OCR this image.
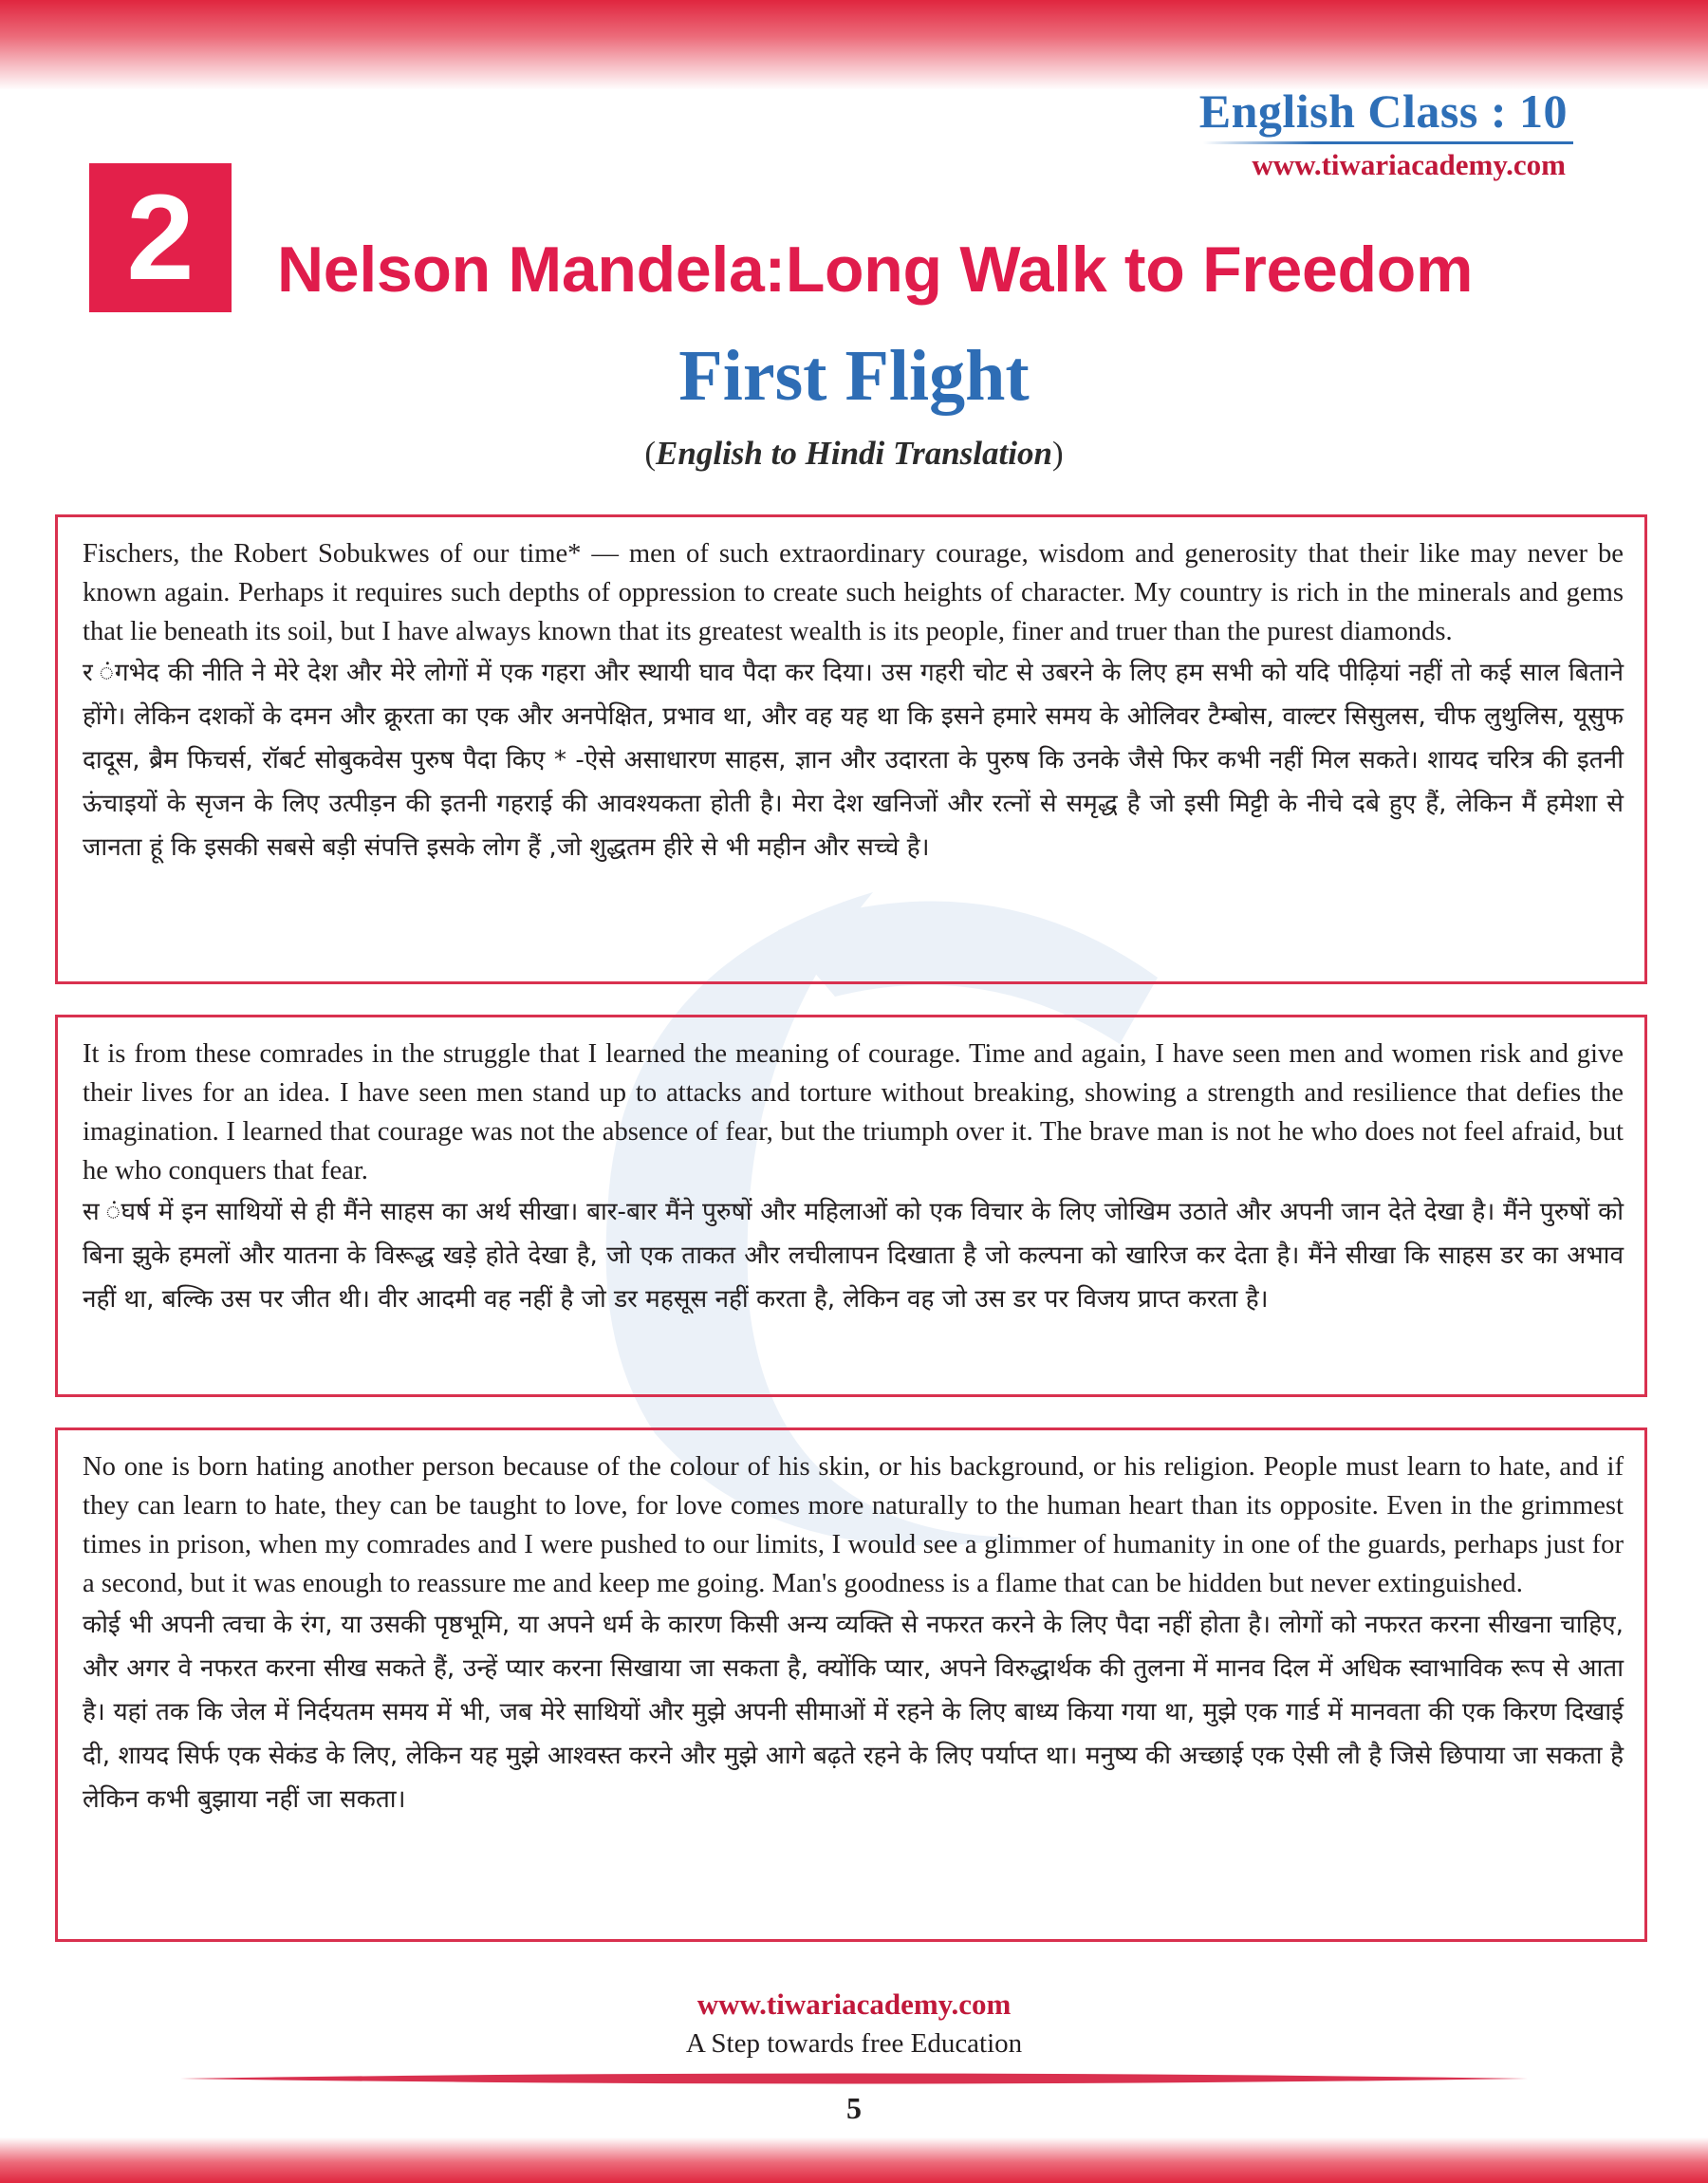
English Class : 10
www.tiwariacademy.com
2 Nelson Mandela:Long Walk to Freedom
First Flight
(English to Hindi Translation)

Fischers, the Robert Sobukwes of our time* — men of such extraordinary courage, wisdom and generosity that their like may never be known again. Perhaps it requires such depths of oppression to create such heights of character. My country is rich in the minerals and gems that lie beneath its soil, but I have always known that its greatest wealth is its people, finer and truer than the purest diamonds.

र ंगभेद की नीति ने मेरे देश और मेरे लोगों में एक गहरा और स्थायी घाव पैदा कर दिया। उस गहरी चोट से उबरने के लिए हम सभी को यदि पीढ़ियां नहीं तो कई साल बिताने होंगे। लेकिन दशकों के दमन और क्रूरता का एक और अनपेक्षित, प्रभाव था, और वह यह था कि इसने हमारे समय के ओलिवर टैम्बोस, वाल्टर सिसुलस, चीफ लुथुलिस, यूसुफ दादूस, ब्रैम फिचर्स, रॉबर्ट सोबुकवेस पुरुष पैदा किए * -ऐसे असाधारण साहस, ज्ञान और उदारता के पुरुष कि उनके जैसे फिर कभी नहीं मिल सकते। शायद चरित्र की इतनी ऊंचाइयों के सृजन के लिए उत्पीड़न की इतनी गहराई की आवश्यकता होती है। मेरा देश खनिजों और रत्नों से समृद्ध है जो इसी मिट्टी के नीचे दबे हुए हैं, लेकिन मैं हमेशा से जानता हूं कि इसकी सबसे बड़ी संपत्ति इसके लोग हैं ,जो शुद्धतम हीरे से भी महीन और सच्चे है।

It is from these comrades in the struggle that I learned the meaning of courage. Time and again, I have seen men and women risk and give their lives for an idea. I have seen men stand up to attacks and torture without breaking, showing a strength and resilience that defies the imagination. I learned that courage was not the absence of fear, but the triumph over it. The brave man is not he who does not feel afraid, but he who conquers that fear.

स ंघर्ष में इन साथियों से ही मैंने साहस का अर्थ सीखा। बार-बार मैंने पुरुषों और महिलाओं को एक विचार के लिए जोखिम उठाते और अपनी जान देते देखा है। मैंने पुरुषों को बिना झुके हमलों और यातना के विरूद्ध खड़े होते देखा है, जो एक ताकत और लचीलापन दिखाता है जो कल्पना को खारिज कर देता है। मैंने सीखा कि साहस डर का अभाव नहीं था, बल्कि उस पर जीत थी। वीर आदमी वह नहीं है जो डर महसूस नहीं करता है, लेकिन वह जो उस डर पर विजय प्राप्त करता है।

No one is born hating another person because of the colour of his skin, or his background, or his religion. People must learn to hate, and if they can learn to hate, they can be taught to love, for love comes more naturally to the human heart than its opposite. Even in the grimmest times in prison, when my comrades and I were pushed to our limits, I would see a glimmer of humanity in one of the guards, perhaps just for a second, but it was enough to reassure me and keep me going. Man's goodness is a flame that can be hidden but never extinguished.

कोई भी अपनी त्वचा के रंग, या उसकी पृष्ठभूमि, या अपने धर्म के कारण किसी अन्य व्यक्ति से नफरत करने के लिए पैदा नहीं होता है। लोगों को नफरत करना सीखना चाहिए, और अगर वे नफरत करना सीख सकते हैं, उन्हें प्यार करना सिखाया जा सकता है, क्योंकि प्यार, अपने विरुद्धार्थक की तुलना में मानव दिल में अधिक स्वाभाविक रूप से आता है। यहां तक कि जेल में निर्दयतम समय में भी, जब मेरे साथियों और मुझे अपनी सीमाओं में रहने के लिए बाध्य किया गया था, मुझे एक गार्ड में मानवता की एक किरण दिखाई दी, शायद सिर्फ एक सेकंड के लिए, लेकिन यह मुझे आश्वस्त करने और मुझे आगे बढ़ते रहने के लिए पर्याप्त था। मनुष्य की अच्छाई एक ऐसी लौ है जिसे छिपाया जा सकता है लेकिन कभी बुझाया नहीं जा सकता।

www.tiwariacademy.com
A Step towards free Education
5
